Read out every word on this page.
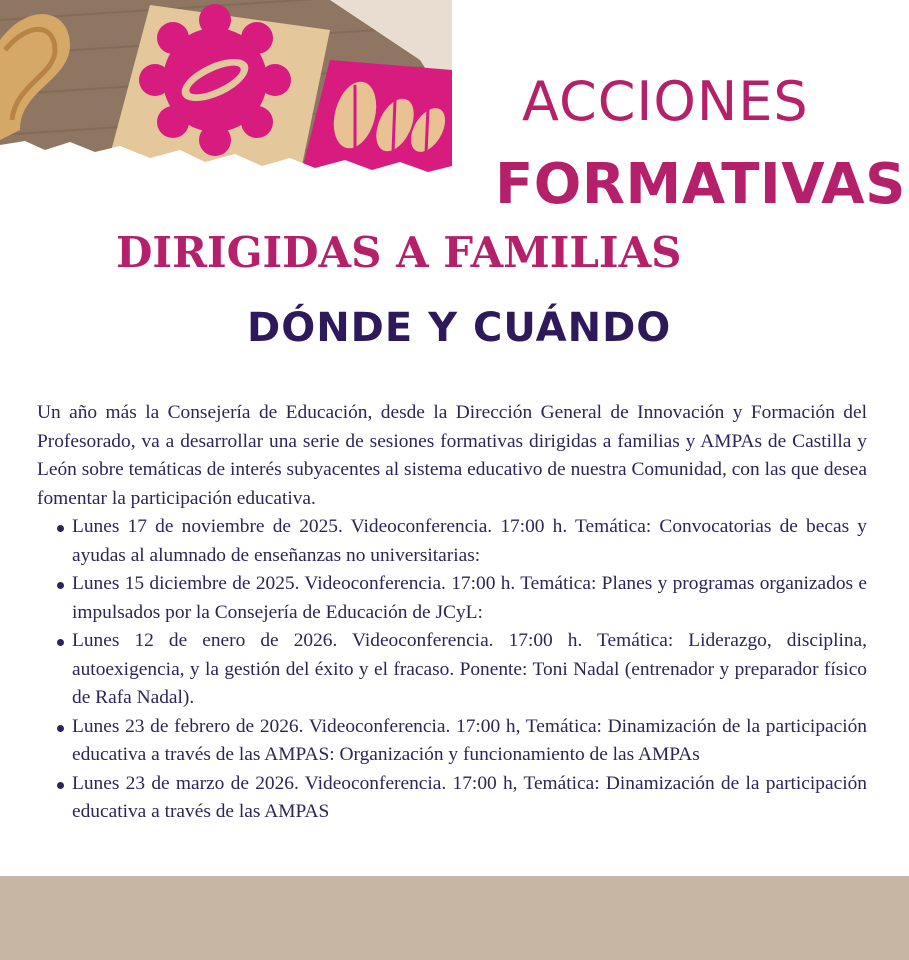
ACCIONES
FORMATIVAS
DIRIGIDAS A FAMILIAS
DÓNDE Y CUÁNDO

Un año más la Consejería de Educación, desde la Dirección General de Innovación y Formación del Profesorado, va a desarrollar una serie de sesiones formativas dirigidas a familias y AMPAs de Castilla y León sobre temáticas de interés subyacentes al sistema educativo de nuestra Comunidad, con las que desea fomentar la participación educativa.

Lunes 17 de noviembre de 2025. Videoconferencia. 17:00 h. Temática: Convocatorias de becas y ayudas al alumnado de enseñanzas no universitarias:
Lunes 15 diciembre de 2025. Videoconferencia. 17:00 h. Temática: Planes y programas organizados e impulsados por la Consejería de Educación de JCyL:
Lunes 12 de enero de 2026. Videoconferencia. 17:00 h. Temática: Liderazgo, disciplina, autoexigencia, y la gestión del éxito y el fracaso. Ponente: Toni Nadal (entrenador y preparador físico de Rafa Nadal).
Lunes 23 de febrero de 2026. Videoconferencia. 17:00 h, Temática: Dinamización de la participación educativa a través de las AMPAS: Organización y funcionamiento de las AMPAs
Lunes 23 de marzo de 2026. Videoconferencia. 17:00 h, Temática: Dinamización de la participación educativa a través de las AMPAS
